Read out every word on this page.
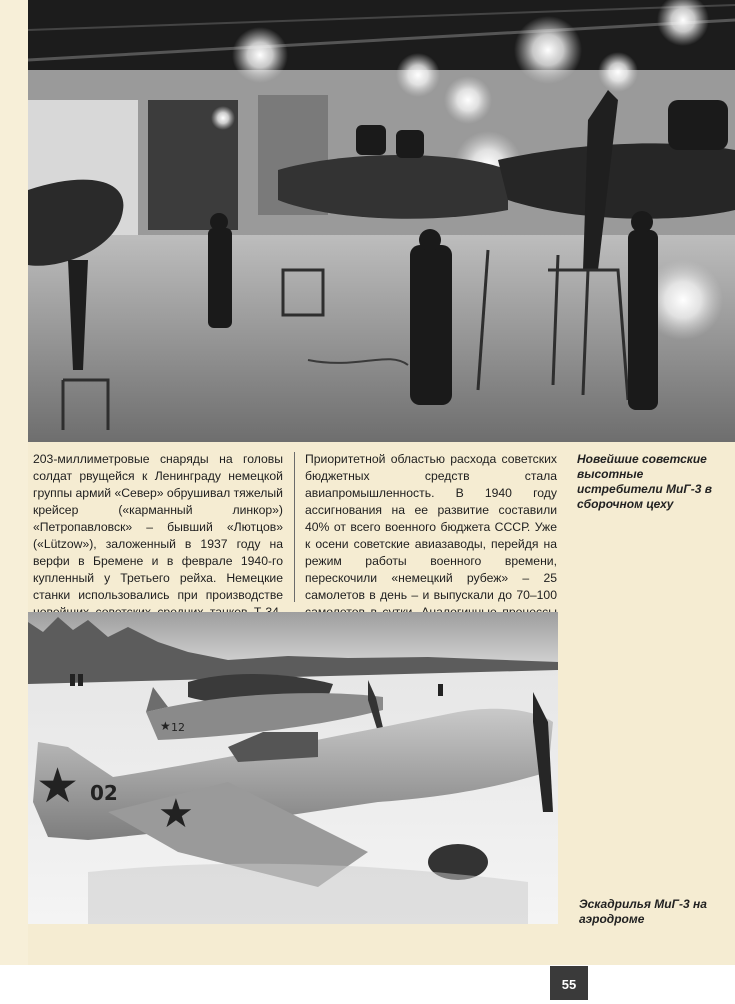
203-миллиметровые снаряды на головы солдат рвущейся к Ленинграду немецкой группы армий «Север» обрушивал тяжелый крейсер («карманный линкор») «Петропавловск» – бывший «Лютцов» («Lützow»), заложенный в 1937 году на верфи в Бремене и в феврале 1940-го купленный у Третьего рейха. Немецкие станки использовались при производстве

Приоритетной областью расхода советских бюджетных средств стала авиапромышленность. В 1940 году ассигнования на ее развитие составили 40% от всего военного бюджета СССР. Уже к осени советские авиазаводы, перейдя на режим работы военного времени, перескочили «немецкий рубеж» – 25 самолетов в день – и выпускали до 70–100

Новейшие советские высотные истребители МиГ-3 в сборочном цеху
★ 12
★ 02 ★
Эскадрилья МиГ-3 на аэродроме
55
